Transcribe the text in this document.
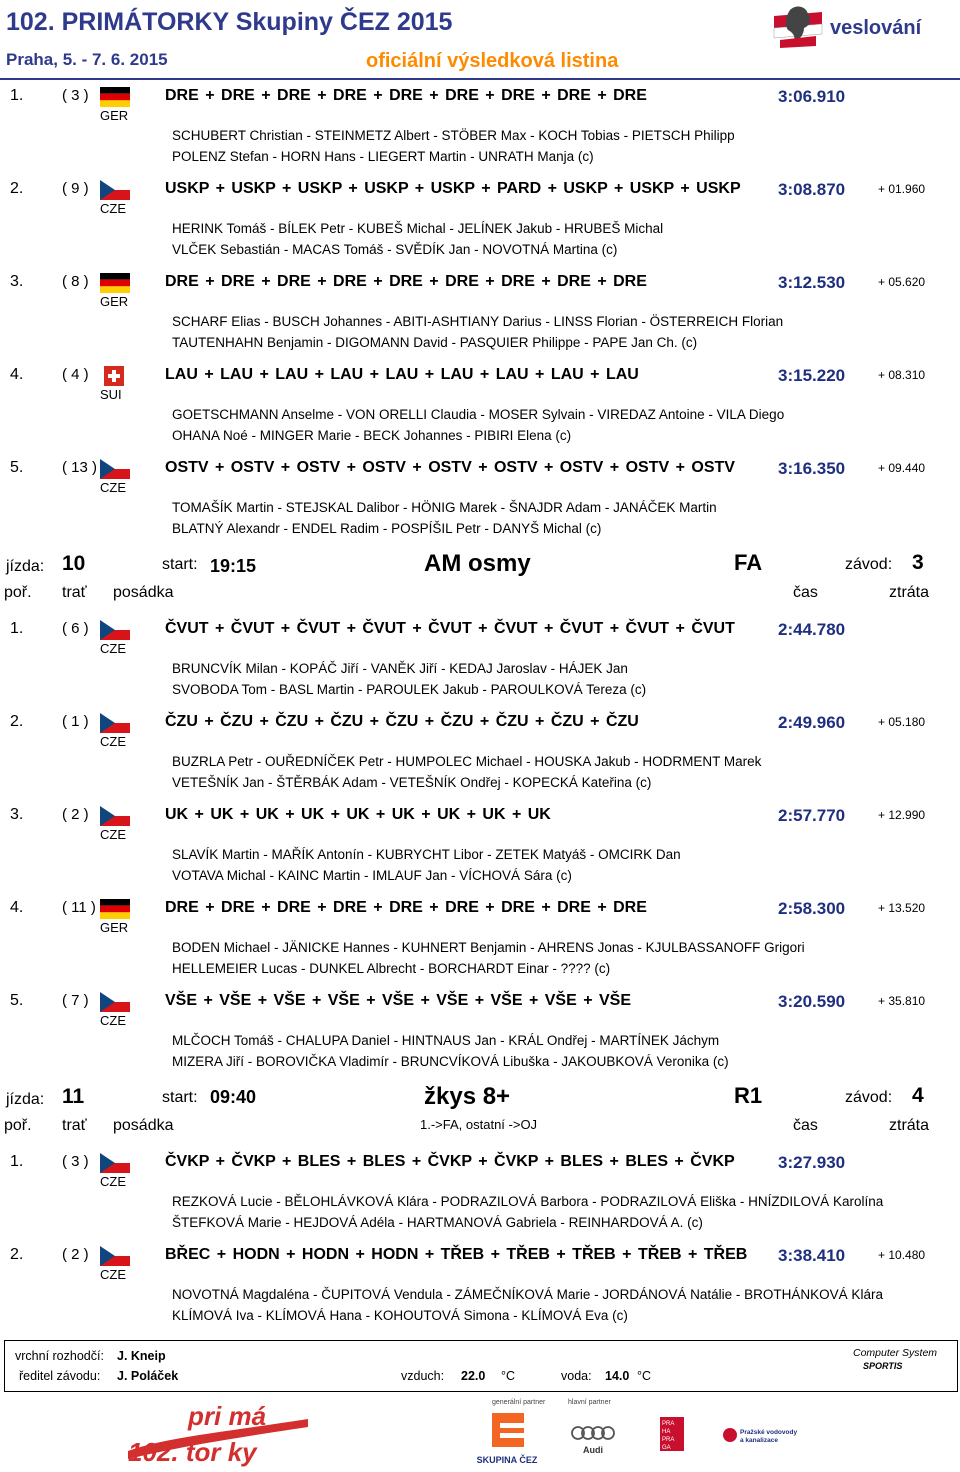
102. PRIMÁTORKY Skupiny ČEZ 2015
Praha, 5. - 7. 6. 2015	oficiální výsledková listina
veslování
1.	( 3 )
GER
DRE + DRE + DRE + DRE + DRE + DRE + DRE + DRE + DRE	3:06.910
SCHUBERT Christian - STEINMETZ Albert - STÖBER Max - KOCH Tobias - PIETSCH Philipp
POLENZ Stefan - HORN Hans - LIEGERT Martin - UNRATH Manja (c)
2.	( 9 )
CZE
USKP + USKP + USKP + USKP + USKP + PARD + USKP + USKP + USKP 3:08.870	+ 01.960
HERINK Tomáš - BÍLEK Petr - KUBEŠ Michal - JELÍNEK Jakub - HRUBEŠ Michal
VLČEK Sebastián - MACAS Tomáš - SVĚDÍK Jan - NOVOTNÁ Martina (c)
3.	( 8 )
GER
DRE + DRE + DRE + DRE + DRE + DRE + DRE + DRE + DRE	3:12.530	+ 05.620
SCHARF Elias - BUSCH Johannes - ABITI-ASHTIANY Darius - LINSS Florian - ÖSTERREICH Florian
TAUTENHAHN Benjamin - DIGOMANN David - PASQUIER Philippe - PAPE Jan Ch. (c)
4.	( 4 )
SUI
LAU + LAU + LAU + LAU + LAU + LAU + LAU + LAU + LAU	3:15.220	+ 08.310
GOETSCHMANN Anselme - VON ORELLI Claudia - MOSER Sylvain - VIREDAZ Antoine - VILA Diego
OHANA Noé - MINGER Marie - BECK Johannes - PIBIRI Elena (c)
5.	( 13 )
CZE
OSTV + OSTV + OSTV + OSTV + OSTV + OSTV + OSTV + OSTV + OSTV	3:16.350	+ 09.440
TOMAŠÍK Martin - STEJSKAL Dalibor - HÖNIG Marek - ŠNAJDR Adam - JANÁČEK Martin
BLATNÝ Alexandr - ENDEL Radim - POSPÍŠIL Petr - DANYŠ Michal (c)
jízda: 10	start: 19:15	AM osmy	FA	závod: 3
poř. trať posádka	čas	ztráta
1.	( 6 )
CZE
ČVUT + ČVUT + ČVUT + ČVUT + ČVUT + ČVUT + ČVUT + ČVUT + ČVUT	2:44.780
BRUNCVÍK Milan - KOPÁČ Jiří - VANĚK Jiří - KEDAJ Jaroslav - HÁJEK Jan
SVOBODA Tom - BASL Martin - PAROULEK Jakub - PAROULKOVÁ Tereza (c)
2.	( 1 )
CZE
ČZU + ČZU + ČZU + ČZU + ČZU + ČZU + ČZU + ČZU + ČZU	2:49.960	+ 05.180
BUZRLA Petr - OUŘEDNÍČEK Petr - HUMPOLEC Michael - HOUSKA Jakub - HODRMENT Marek
VETEŠNÍK Jan - ŠTĚRBÁK Adam - VETEŠNÍK Ondřej - KOPECKÁ Kateřina (c)
3.	( 2 )
CZE
UK + UK + UK + UK + UK + UK + UK + UK + UK	2:57.770	+ 12.990
SLAVÍK Martin - MAŘÍK Antonín - KUBRYCHT Libor - ZETEK Matyáš - OMCIRK Dan
VOTAVA Michal - KAINC Martin - IMLAUF Jan - VÍCHOVÁ Sára (c)
4.	( 11 )
GER
DRE + DRE + DRE + DRE + DRE + DRE + DRE + DRE + DRE	2:58.300	+ 13.520
BODEN Michael - JÄNICKE Hannes - KUHNERT Benjamin - AHRENS Jonas - KJULBASSANOFF Grigori
HELLEMEIER Lucas - DUNKEL Albrecht - BORCHARDT Einar - ???? (c)
5.	( 7 )
CZE
VŠE + VŠE + VŠE + VŠE + VŠE + VŠE + VŠE + VŠE + VŠE	3:20.590	+ 35.810
MLČOCH Tomáš - CHALUPA Daniel - HINTNAUS Jan - KRÁL Ondřej - MARTÍNEK Jáchym
MIZERA Jiří - BOROVIČKA Vladimír - BRUNCVÍKOVÁ Libuška - JAKOUBKOVÁ Veronika (c)
jízda: 11	start: 09:40	žkys 8+	R1	závod: 4
poř. trať posádka	1.->FA, ostatní ->OJ	čas	ztráta
1.	( 3 )
CZE
ČVKP + ČVKP + BLES + BLES + ČVKP + ČVKP + BLES + BLES + ČVKP	3:27.930
REZKOVÁ Lucie - BĚLOHLÁVKOVÁ Klára - PODRAZILOVÁ Barbora - PODRAZILOVÁ Eliška - HNÍZDILOVÁ Karolína
ŠTEFKOVÁ Marie - HEJDOVÁ Adéla - HARTMANOVÁ Gabriela - REINHARDOVÁ A. (c)
2.	( 2 )
CZE
BŘEC + HODN + HODN + HODN + TŘEB + TŘEB + TŘEB + TŘEB + TŘEB 3:38.410	+ 10.480
NOVOTNÁ Magdaléna - ČUPITOVÁ Vendula - ZÁMEČNÍKOVÁ Marie - JORDÁNOVÁ Natálie - BROTHÁNKOVÁ Klára
KLÍMOVÁ Iva - KLÍMOVÁ Hana - KOHOUTOVÁ Simona - KLÍMOVÁ Eva (c)
vrchní rozhodčí: J. Kneip
ředitel závodu: J. Poláček	vzduch: 22.0 °C	voda: 14.0 °C
Computer System
SPORTIS
pri má
102. tor ky
generální partner	hlavní partner
SKUPINA ČEZ
Audi
PRA
HA
PRA
GA
Pražské vodovody
a kanalizace
